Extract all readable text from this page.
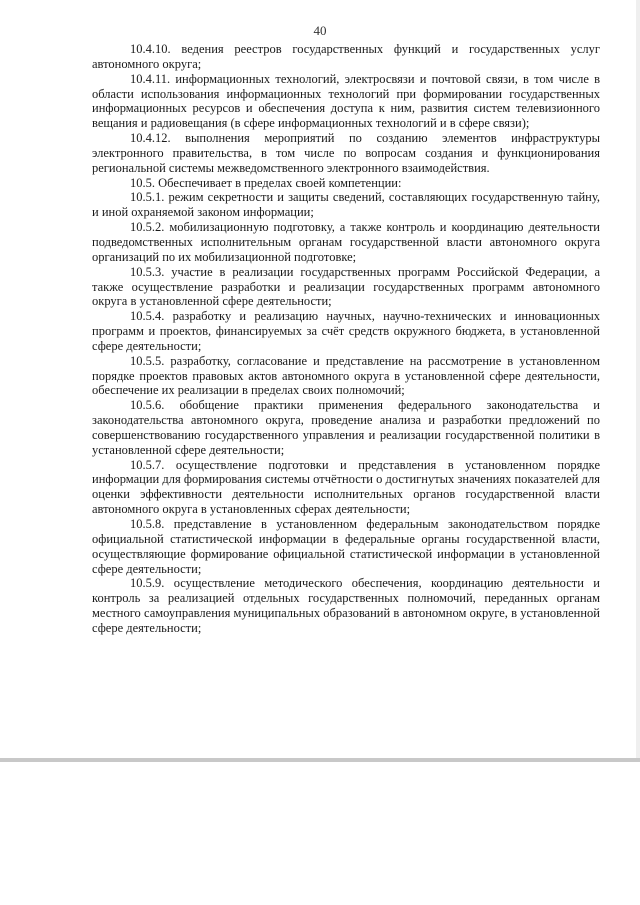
40

10.4.10. ведения реестров государственных функций и государственных услуг автономного округа;

10.4.11. информационных технологий, электросвязи и почтовой связи, в том числе в области использования информационных технологий при формировании государственных информационных ресурсов и обеспечения доступа к ним, развития систем телевизионного вещания и радиовещания (в сфере информационных технологий и в сфере связи);

10.4.12. выполнения мероприятий по созданию элементов инфраструктуры электронного правительства, в том числе по вопросам создания и функционирования региональной системы межведомственного электронного взаимодействия.

10.5. Обеспечивает в пределах своей компетенции:

10.5.1. режим секретности и защиты сведений, составляющих государственную тайну, и иной охраняемой законом информации;

10.5.2. мобилизационную подготовку, а также контроль и координацию деятельности подведомственных исполнительным органам государственной власти автономного округа организаций по их мобилизационной подготовке;

10.5.3. участие в реализации государственных программ Российской Федерации, а также осуществление разработки и реализации государственных программ автономного округа в установленной сфере деятельности;

10.5.4. разработку и реализацию научных, научно-технических и инновационных программ и проектов, финансируемых за счёт средств окружного бюджета, в установленной сфере деятельности;

10.5.5. разработку, согласование и представление на рассмотрение в установленном порядке проектов правовых актов автономного округа в установленной сфере деятельности, обеспечение их реализации в пределах своих полномочий;

10.5.6. обобщение практики применения федерального законодательства и законодательства автономного округа, проведение анализа и разработки предложений по совершенствованию государственного управления и реализации государственной политики в установленной сфере деятельности;

10.5.7. осуществление подготовки и представления в установленном порядке информации для формирования системы отчётности о достигнутых значениях показателей для оценки эффективности деятельности исполнительных органов государственной власти автономного округа в установленных сферах деятельности;

10.5.8. представление в установленном федеральным законодательством порядке официальной статистической информации в федеральные органы государственной власти, осуществляющие формирование официальной статистической информации в установленной сфере деятельности;

10.5.9. осуществление методического обеспечения, координацию деятельности и контроль за реализацией отдельных государственных полномочий, переданных органам местного самоуправления муниципальных образований в автономном округе, в установленной сфере деятельности;
